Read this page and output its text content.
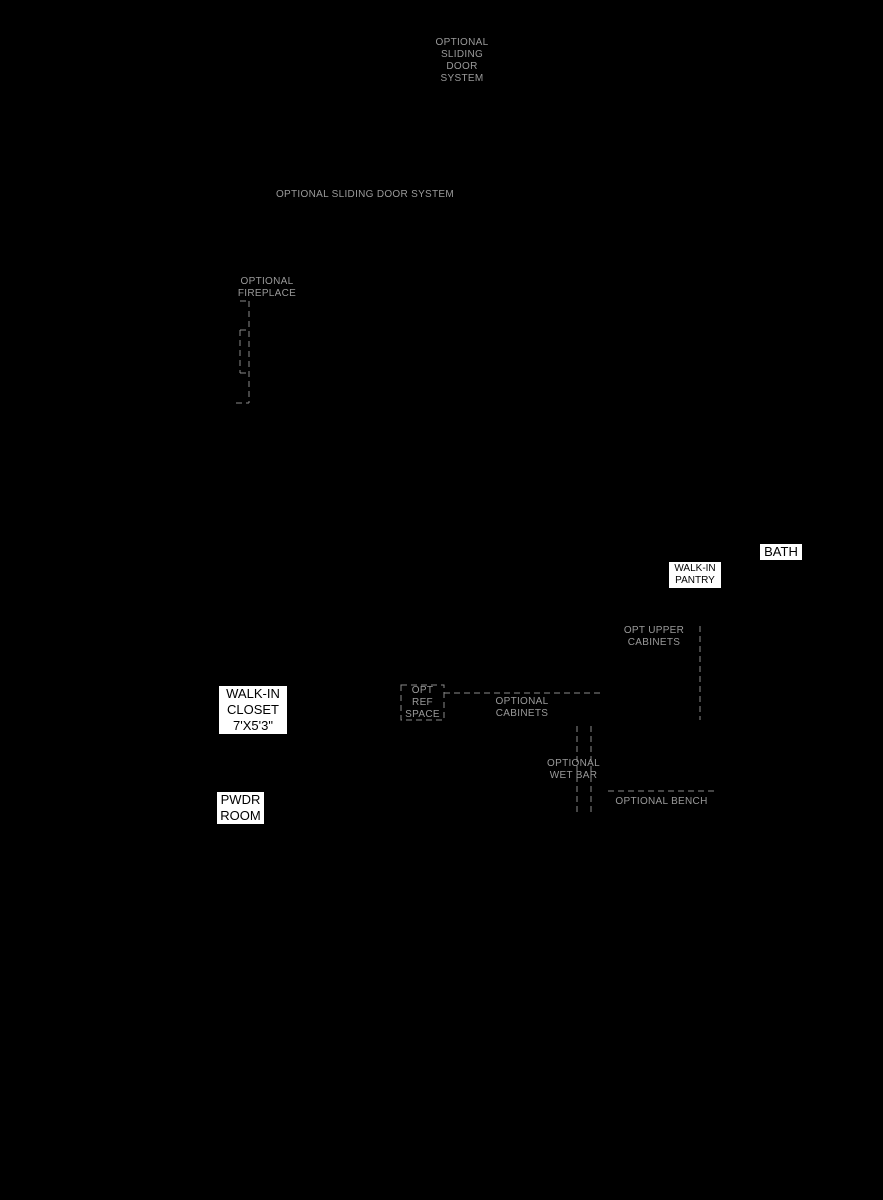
OPTIONAL
SLIDING
DOOR
SYSTEM
OPTIONAL SLIDING DOOR SYSTEM
OPTIONAL
FIREPLACE
OPT UPPER
CABINETS
OPT
REF
SPACE
OPTIONAL
CABINETS
OPTIONAL
WET BAR
OPTIONAL BENCH
BATH
WALK-IN
PANTRY
WALK-IN
CLOSET
7'X5'3"
PWDR
ROOM
